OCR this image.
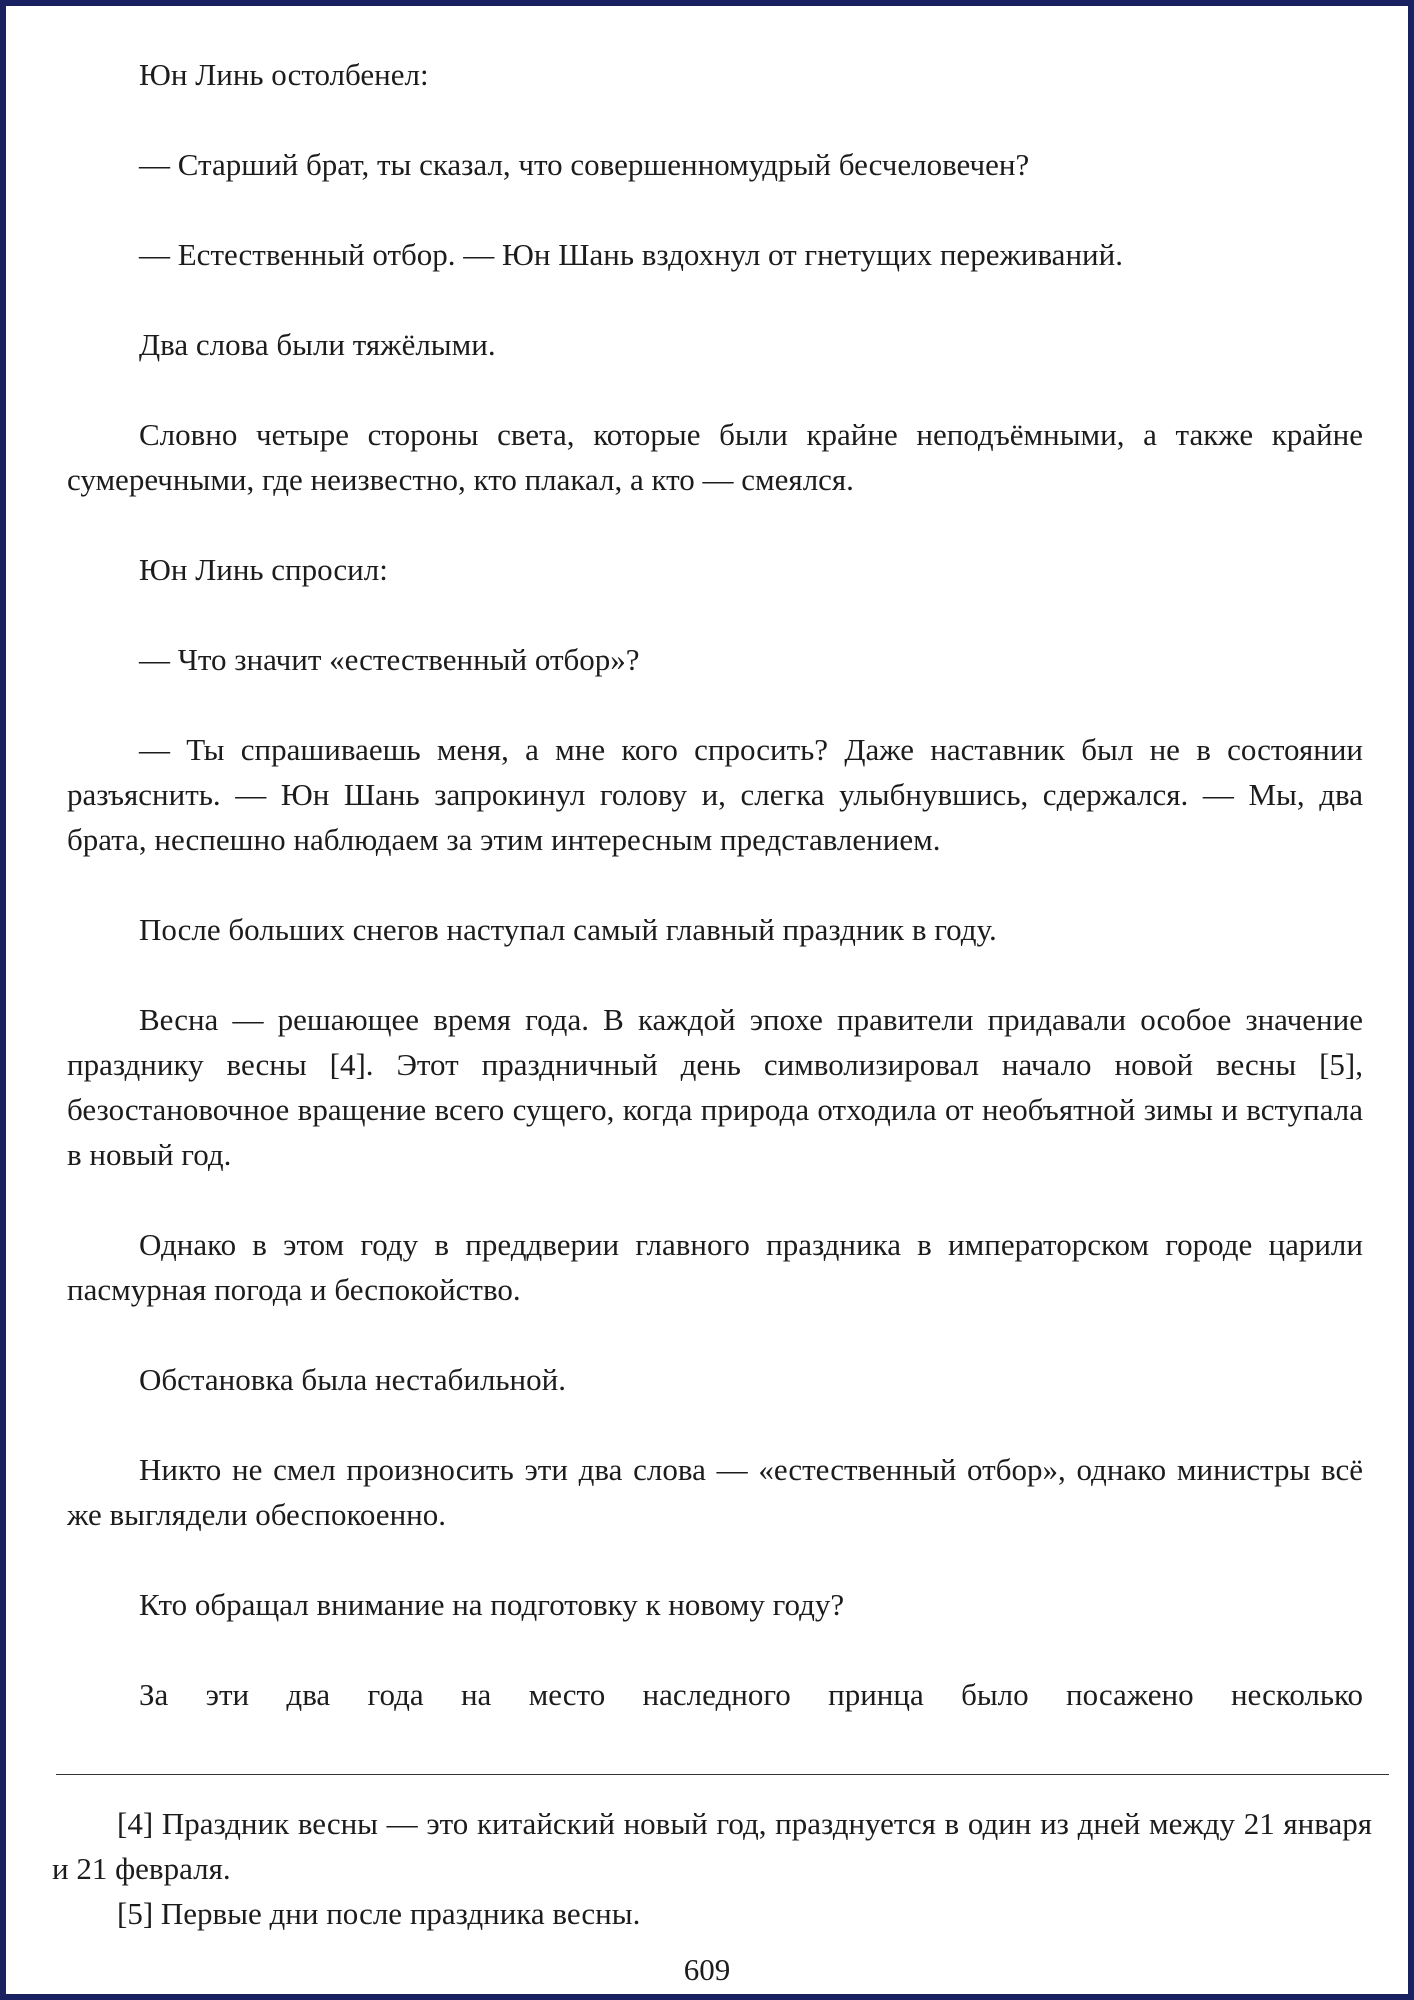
Юн Линь остолбенел:

— Старший брат, ты сказал, что совершенномудрый бесчеловечен?

— Естественный отбор. — Юн Шань вздохнул от гнетущих переживаний.

Два слова были тяжёлыми.

Словно четыре стороны света, которые были крайне неподъёмными, а также крайне сумеречными, где неизвестно, кто плакал, а кто — смеялся.

Юн Линь спросил:

— Что значит «естественный отбор»?

— Ты спрашиваешь меня, а мне кого спросить? Даже наставник был не в состоянии разъяснить. — Юн Шань запрокинул голову и, слегка улыбнувшись, сдержался. — Мы, два брата, неспешно наблюдаем за этим интересным представлением.

После больших снегов наступал самый главный праздник в году.

Весна — решающее время года. В каждой эпохе правители придавали особое значение празднику весны [4]. Этот праздничный день символизировал начало новой весны [5], безостановочное вращение всего сущего, когда природа отходила от необъятной зимы и вступала в новый год.

Однако в этом году в преддверии главного праздника в императорском городе царили пасмурная погода и беспокойство.

Обстановка была нестабильной.

Никто не смел произносить эти два слова — «естественный отбор», однако министры всё же выглядели обеспокоенно.

Кто обращал внимание на подготовку к новому году?

За эти два года на место наследного принца было посажено несколько

[4] Праздник весны — это китайский новый год, празднуется в один из дней между 21 января и 21 февраля.

[5] Первые дни после праздника весны.

609
